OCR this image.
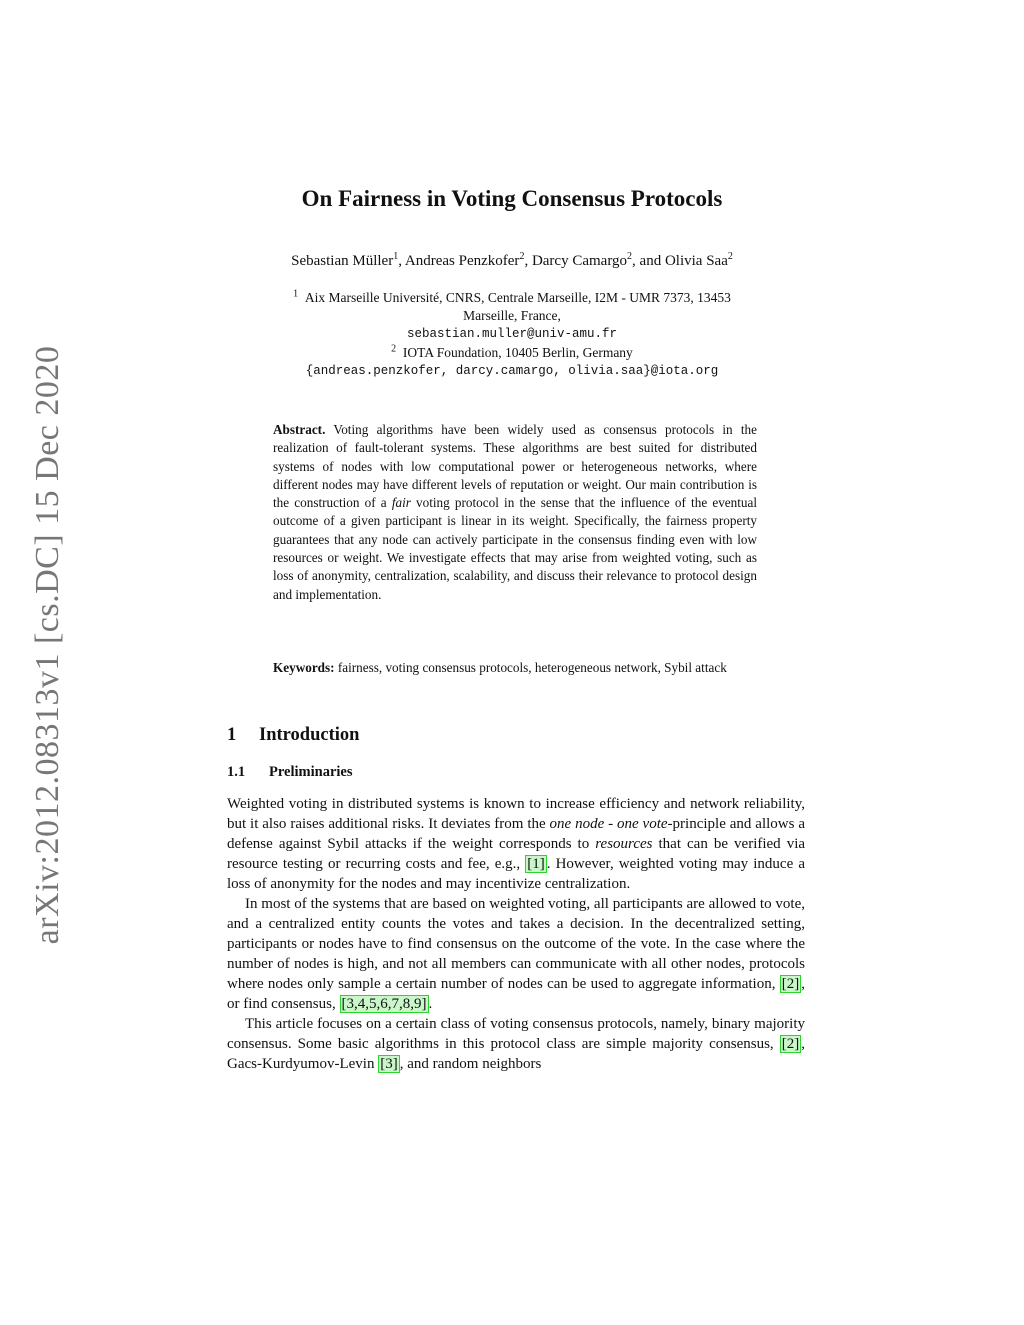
arXiv:2012.08313v1 [cs.DC] 15 Dec 2020
On Fairness in Voting Consensus Protocols
Sebastian Müller$^1$, Andreas Penzkofer$^2$, Darcy Camargo$^2$, and Olivia Saa$^2$
$^1$ Aix Marseille Université, CNRS, Centrale Marseille, I2M - UMR 7373, 13453
Marseille, France,
sebastian.muller@univ-amu.fr
$^2$ IOTA Foundation, 10405 Berlin, Germany
{andreas.penzkofer, darcy.camargo, olivia.saa}@iota.org
Abstract. Voting algorithms have been widely used as consensus protocols in the realization of fault-tolerant systems. These algorithms are best suited for distributed systems of nodes with low computational power or heterogeneous networks, where different nodes may have different levels of reputation or weight. Our main contribution is the construction of a fair voting protocol in the sense that the influence of the eventual outcome of a given participant is linear in its weight. Specifically, the fairness property guarantees that any node can actively participate in the consensus finding even with low resources or weight. We investigate effects that may arise from weighted voting, such as loss of anonymity, centralization, scalability, and discuss their relevance to protocol design and implementation.
Keywords: fairness, voting consensus protocols, heterogeneous network, Sybil attack
1 Introduction
1.1 Preliminaries

Weighted voting in distributed systems is known to increase efficiency and network reliability, but it also raises additional risks. It deviates from the one node - one vote-principle and allows a defense against Sybil attacks if the weight corresponds to resources that can be verified via resource testing or recurring costs and fee, e.g., [1] . However, weighted voting may induce a loss of anonymity for the nodes and may incentivize centralization.

In most of the systems that are based on weighted voting, all participants are allowed to vote, and a centralized entity counts the votes and takes a decision. In the decentralized setting, participants or nodes have to find consensus on the outcome of the vote. In the case where the number of nodes is high, and not all members can communicate with all other nodes, protocols where nodes only sample a certain number of nodes can be used to aggregate information, [2] , or find consensus, [3,4,5,6,7,8,9] .

This article focuses on a certain class of voting consensus protocols, namely, binary majority consensus. Some basic algorithms in this protocol class are simple majority consensus, [2] , Gacs-Kurdyumov-Levin [3] , and random neighbors
